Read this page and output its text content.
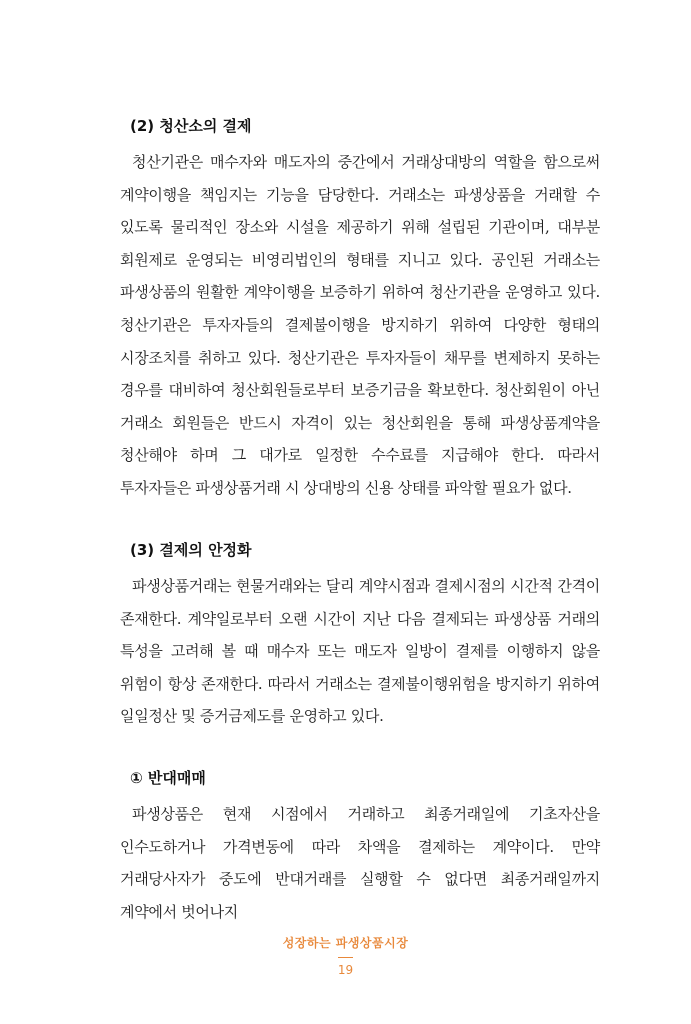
(2) 청산소의 결제

청산기관은 매수자와 매도자의 중간에서 거래상대방의 역할을 함으로써 계약이행을 책임지는 기능을 담당한다. 거래소는 파생상품을 거래할 수 있도록 물리적인 장소와 시설을 제공하기 위해 설립된 기관이며, 대부분 회원제로 운영되는 비영리법인의 형태를 지니고 있다. 공인된 거래소는 파생상품의 원활한 계약이행을 보증하기 위하여 청산기관을 운영하고 있다. 청산기관은 투자자들의 결제불이행을 방지하기 위하여 다양한 형태의 시장조치를 취하고 있다. 청산기관은 투자자들이 채무를 변제하지 못하는 경우를 대비하여 청산회원들로부터 보증기금을 확보한다. 청산회원이 아닌 거래소 회원들은 반드시 자격이 있는 청산회원을 통해 파생상품계약을 청산해야 하며 그 대가로 일정한 수수료를 지급해야 한다. 따라서 투자자들은 파생상품거래 시 상대방의 신용 상태를 파악할 필요가 없다.

(3) 결제의 안정화

파생상품거래는 현물거래와는 달리 계약시점과 결제시점의 시간적 간격이 존재한다. 계약일로부터 오랜 시간이 지난 다음 결제되는 파생상품 거래의 특성을 고려해 볼 때 매수자 또는 매도자 일방이 결제를 이행하지 않을 위험이 항상 존재한다. 따라서 거래소는 결제불이행위험을 방지하기 위하여 일일정산 및 증거금제도를 운영하고 있다.

① 반대매매

파생상품은 현재 시점에서 거래하고 최종거래일에 기초자산을 인수도하거나 가격변동에 따라 차액을 결제하는 계약이다. 만약 거래당사자가 중도에 반대거래를 실행할 수 없다면 최종거래일까지 계약에서 벗어나지

성장하는 파생상품시장
19
